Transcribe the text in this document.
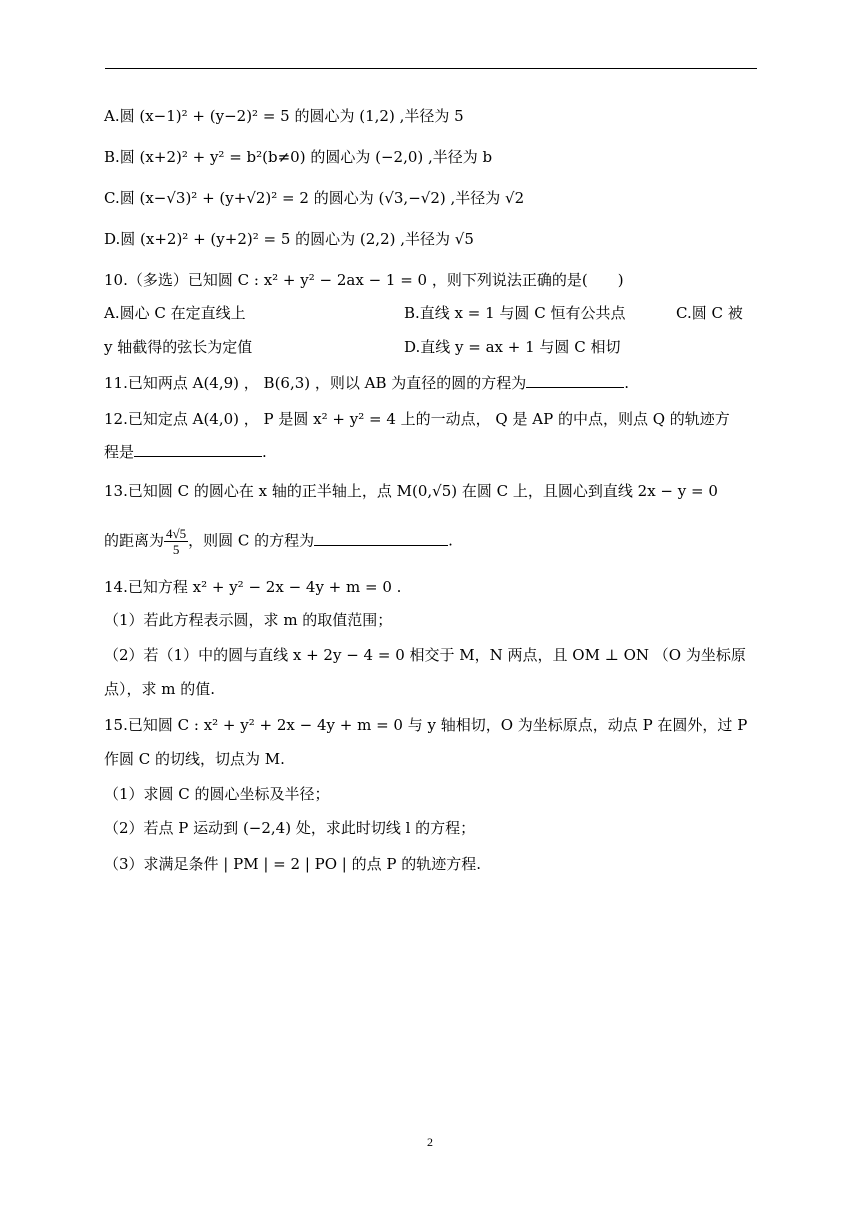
A.圆 (x−1)² + (y−2)² = 5 的圆心为 (1,2) ,半径为 5
B.圆 (x+2)² + y² = b²(b≠0) 的圆心为 (−2,0) ,半径为 b
C.圆 (x−√3)² + (y+√2)² = 2 的圆心为 (√3,−√2) ,半径为 √2
D.圆 (x+2)² + (y+2)² = 5 的圆心为 (2,2) ,半径为 √5
10.（多选）已知圆 C : x² + y² − 2ax − 1 = 0 ，则下列说法正确的是(　　)
A.圆心 C 在定直线上	B.直线 x = 1 与圆 C 恒有公共点	C.圆 C 被
y 轴截得的弦长为定值	D.直线 y = ax + 1 与圆 C 相切
11.已知两点 A(4,9) ， B(6,3) ，则以 AB 为直径的圆的方程为	.
12.已知定点 A(4,0) ， P 是圆 x² + y² = 4 上的一动点， Q 是 AP 的中点，则点 Q 的轨迹方
程是	.
13.已知圆 C 的圆心在 x 轴的正半轴上，点 M(0,√5) 在圆 C 上，且圆心到直线 2x − y = 0
的距离为 $\frac{4√5}{5}$ ，则圆 C 的方程为	.
14.已知方程 x² + y² − 2x − 4y + m = 0 .
（1）若此方程表示圆，求 m 的取值范围；
（2）若（1）中的圆与直线 x + 2y − 4 = 0 相交于 M，N 两点，且 OM ⊥ ON （O 为坐标原
点），求 m 的值.
15.已知圆 C : x² + y² + 2x − 4y + m = 0 与 y 轴相切，O 为坐标原点，动点 P 在圆外，过 P
作圆 C 的切线，切点为 M.
（1）求圆 C 的圆心坐标及半径；
（2）若点 P 运动到 (−2,4) 处，求此时切线 l 的方程；
（3）求满足条件 | PM | = 2 | PO | 的点 P 的轨迹方程.
2
